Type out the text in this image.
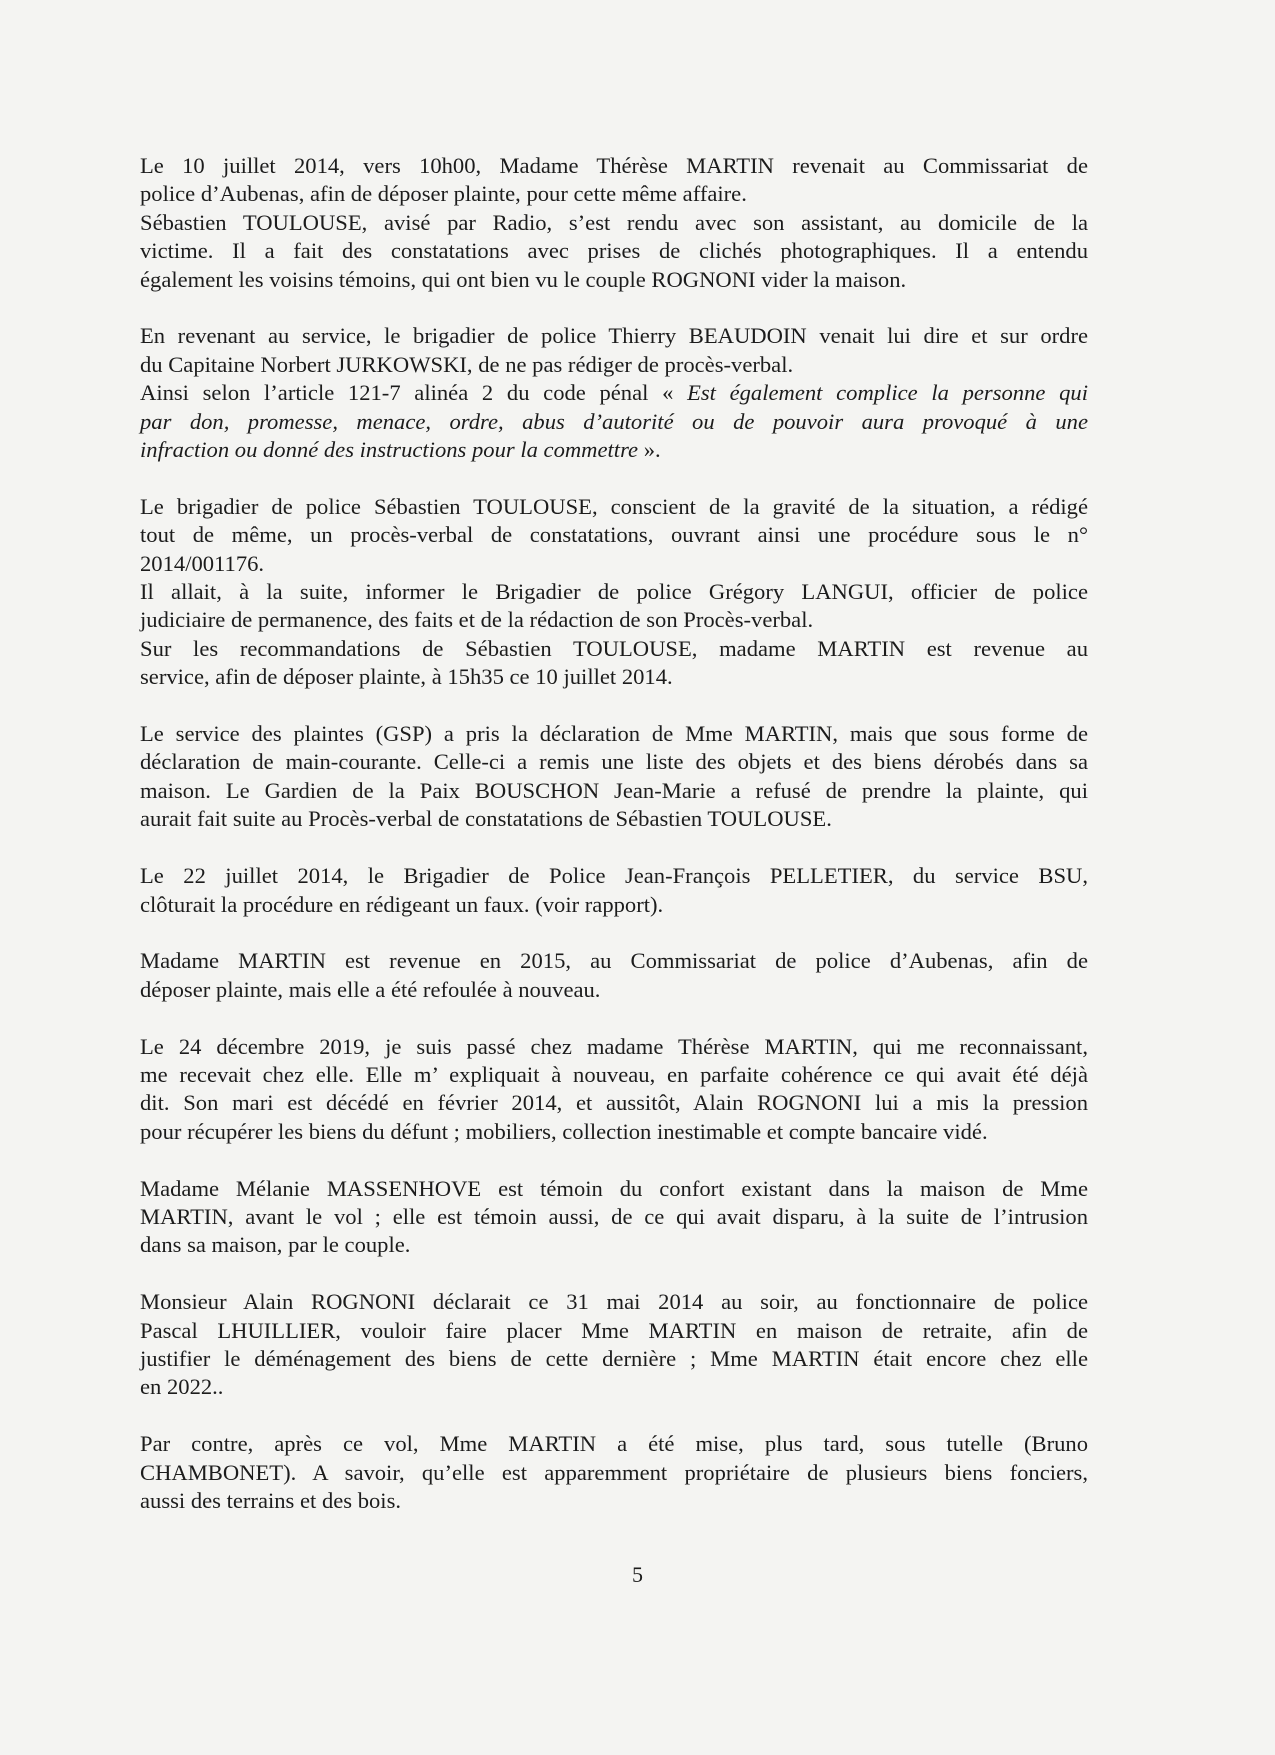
Le 10 juillet 2014, vers 10h00, Madame Thérèse MARTIN revenait au Commissariat de
police d’Aubenas, afin de déposer plainte, pour cette même affaire.
Sébastien TOULOUSE, avisé par Radio, s’est rendu avec son assistant, au domicile de la
victime. Il a fait des constatations avec prises de clichés photographiques. Il a entendu
également les voisins témoins, qui ont bien vu le couple ROGNONI vider la maison.
En revenant au service, le brigadier de police Thierry BEAUDOIN venait lui dire et sur ordre
du Capitaine Norbert JURKOWSKI, de ne pas rédiger de procès-verbal.
Ainsi selon l’article 121-7 alinéa 2 du code pénal « Est également complice la personne qui
par don, promesse, menace, ordre, abus d’autorité ou de pouvoir aura provoqué à une
infraction ou donné des instructions pour la commettre ».
Le brigadier de police Sébastien TOULOUSE, conscient de la gravité de la situation, a rédigé
tout de même, un procès-verbal de constatations, ouvrant ainsi une procédure sous le n°
2014/001176.
Il allait, à la suite, informer le Brigadier de police Grégory LANGUI, officier de police
judiciaire de permanence, des faits et de la rédaction de son Procès-verbal.
Sur les recommandations de Sébastien TOULOUSE, madame MARTIN est revenue au
service, afin de déposer plainte, à 15h35 ce 10 juillet 2014.
Le service des plaintes (GSP) a pris la déclaration de Mme MARTIN, mais que sous forme de
déclaration de main-courante. Celle-ci a remis une liste des objets et des biens dérobés dans sa
maison. Le Gardien de la Paix BOUSCHON Jean-Marie a refusé de prendre la plainte, qui
aurait fait suite au Procès-verbal de constatations de Sébastien TOULOUSE.
Le 22 juillet 2014, le Brigadier de Police Jean-François PELLETIER, du service BSU,
clôturait la procédure en rédigeant un faux. (voir rapport).
Madame MARTIN est revenue en 2015, au Commissariat de police d’Aubenas, afin de
déposer plainte, mais elle a été refoulée à nouveau.
Le 24 décembre 2019, je suis passé chez madame Thérèse MARTIN, qui me reconnaissant,
me recevait chez elle. Elle m’ expliquait à nouveau, en parfaite cohérence ce qui avait été déjà
dit. Son mari est décédé en février 2014, et aussitôt, Alain ROGNONI lui a mis la pression
pour récupérer les biens du défunt ; mobiliers, collection inestimable et compte bancaire vidé.
Madame Mélanie MASSENHOVE est témoin du confort existant dans la maison de Mme
MARTIN, avant le vol ; elle est témoin aussi, de ce qui avait disparu, à la suite de l’intrusion
dans sa maison, par le couple.
Monsieur Alain ROGNONI déclarait ce 31 mai 2014 au soir, au fonctionnaire de police
Pascal LHUILLIER, vouloir faire placer Mme MARTIN en maison de retraite, afin de
justifier le déménagement des biens de cette dernière ; Mme MARTIN était encore chez elle
en 2022..
Par contre, après ce vol, Mme MARTIN a été mise, plus tard, sous tutelle (Bruno
CHAMBONET). A savoir, qu’elle est apparemment propriétaire de plusieurs biens fonciers,
aussi des terrains et des bois.
5
